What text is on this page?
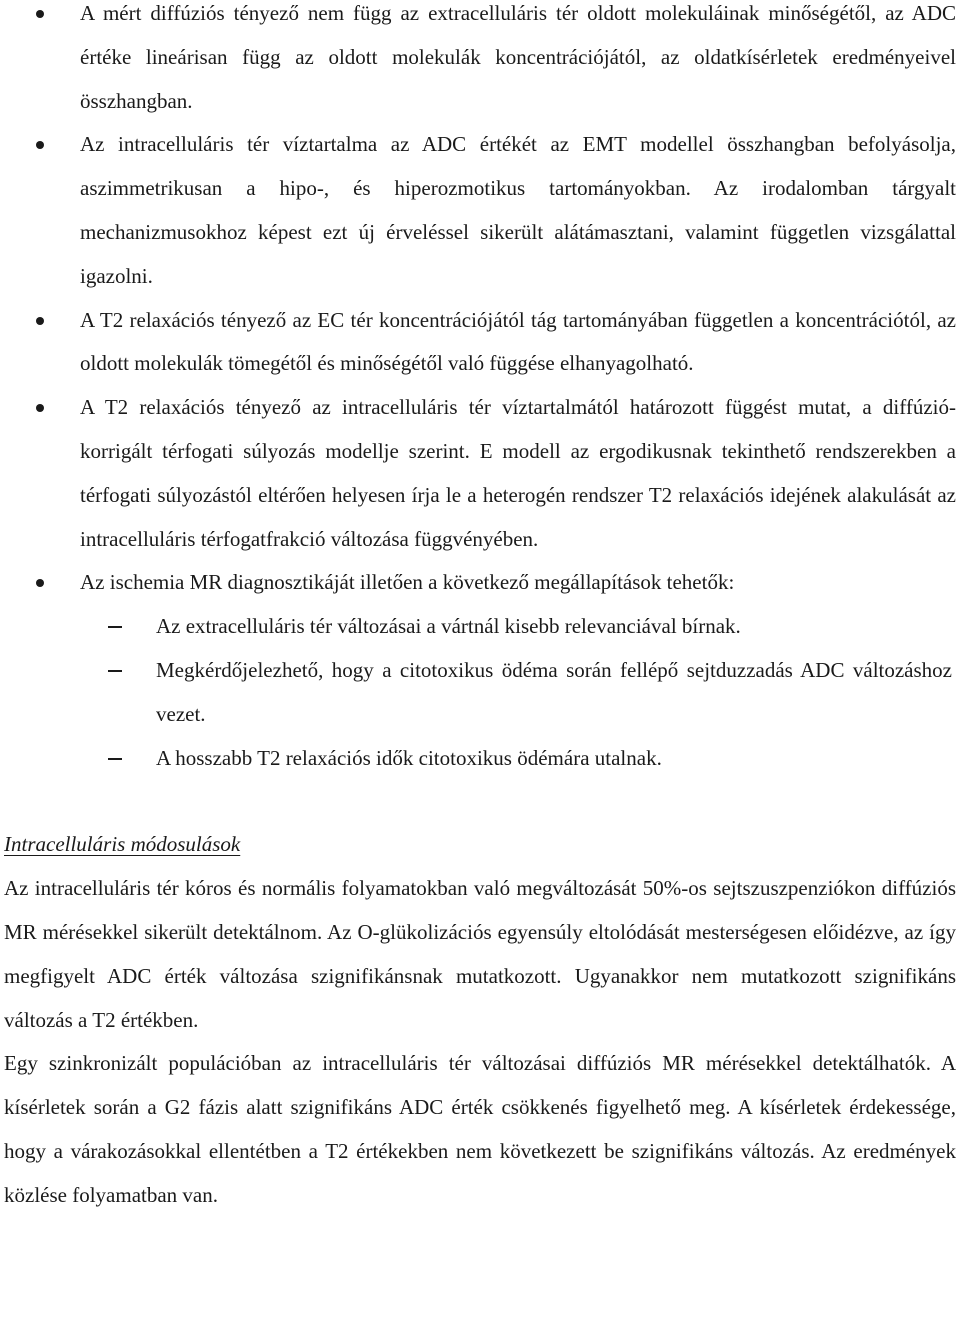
A mért diffúziós tényező nem függ az extracelluláris tér oldott molekuláinak minőségétől, az ADC értéke lineárisan függ az oldott molekulák koncentrációjától, az oldatkísérletek eredményeivel összhangban.
Az intracelluláris tér víztartalma az ADC értékét az EMT modellel összhangban befolyásolja, aszimmetrikusan a hipo-, és hiperozmotikus tartományokban. Az irodalomban tárgyalt mechanizmusokhoz képest ezt új érveléssel sikerült alátámasztani, valamint független vizsgálattal igazolni.
A T2 relaxációs tényező az EC tér koncentrációjától tág tartományában független a koncentrációtól, az oldott molekulák tömegétől és minőségétől való függése elhanyagolható.
A T2 relaxációs tényező az intracelluláris tér víztartalmától határozott függést mutat, a diffúzió-korrigált térfogati súlyozás modellje szerint. E modell az ergodikusnak tekinthető rendszerekben a térfogati súlyozástól eltérően helyesen írja le a heterogén rendszer T2 relaxációs idejének alakulását az intracelluláris térfogatfrakció változása függvényében.
Az ischemia MR diagnosztikáját illetően a következő megállapítások tehetők:
Az extracelluláris tér változásai a vártnál kisebb relevanciával bírnak.
Megkérdőjelezhető, hogy a citotoxikus ödéma során fellépő sejtduzzadás ADC változáshoz vezet.
A hosszabb T2 relaxációs idők citotoxikus ödémára utalnak.
Intracelluláris módosulások

Az intracelluláris tér kóros és normális folyamatokban való megváltozását 50%-os sejtszuszpenziókon diffúziós MR mérésekkel sikerült detektálnom. Az O-glükolizációs egyensúly eltolódását mesterségesen előidézve, az így megfigyelt ADC érték változása szignifikánsnak mutatkozott. Ugyanakkor nem mutatkozott szignifikáns változás a T2 értékben.

Egy szinkronizált populációban az intracelluláris tér változásai diffúziós MR mérésekkel detektálhatók. A kísérletek során a G2 fázis alatt szignifikáns ADC érték csökkenés figyelhető meg. A kísérletek érdekessége, hogy a várakozásokkal ellentétben a T2 értékekben nem következett be szignifikáns változás. Az eredmények közlése folyamatban van.
